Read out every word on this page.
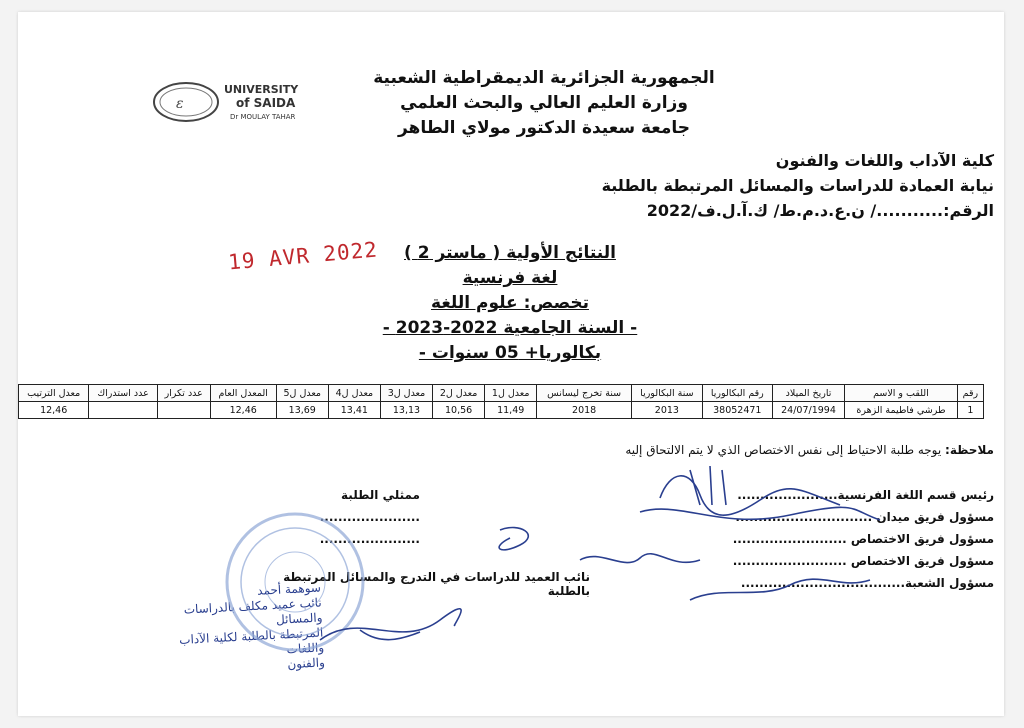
ε
UNIVERSITY
of SAIDA
Dr MOULAY TAHAR
الجمهورية الجزائرية الديمقراطية الشعبية
وزارة العليم العالي والبحث العلمي
جامعة سعيدة الدكتور مولاي الطاهر
كلية الآداب واللغات والفنون
نيابة العمادة للدراسات والمسائل المرتبطة بالطلبة
الرقم:.........../ ن.ع.د.م.ط/ ك.آ.ل.ف/2022
19 AVR 2022	النتائج الأولية ( ماستر 2 )
لغة فرنسية
تخصص: علوم اللغة
- السنة الجامعية 2022-2023 -
بكالوريا+ 05 سنوات -
رقم	اللقب و الاسم	تاريخ الميلاد	رقم البكالوريا	سنة البكالوريا	سنة تخرج ليسانس	معدل ل1	معدل ل2	معدل ل3	معدل ل4	معدل ل5	المعدل العام	عدد تكرار	عدد استدراك	معدل الترتيب
1	طرشي فاطيمة الزهرة	24/07/1994	38052471	2013	2018	11,49	10,56	13,13	13,41	13,69	12,46			12,46
ملاحظة: يوجه طلبة الاحتياط إلى نفس الاختصاص الذي لا يتم الالتحاق إليه
رئيس قسم اللغة الفرنسية......................
مسؤول فريق ميدان ..............................
مسؤول فريق الاختصاص .........................
مسؤول فريق الاختصاص .........................
مسؤول الشعبة....................................
ممثلي الطلبة
......................
......................
نائب العميد للدراسات في التدرج والمسائل المرتبطة بالطلبة
سوهمة أحمد
نائب عميد مكلف بالدراسات والمسائل
المرتبطة بالطلبة لكلية الآداب واللغات
والفنون
